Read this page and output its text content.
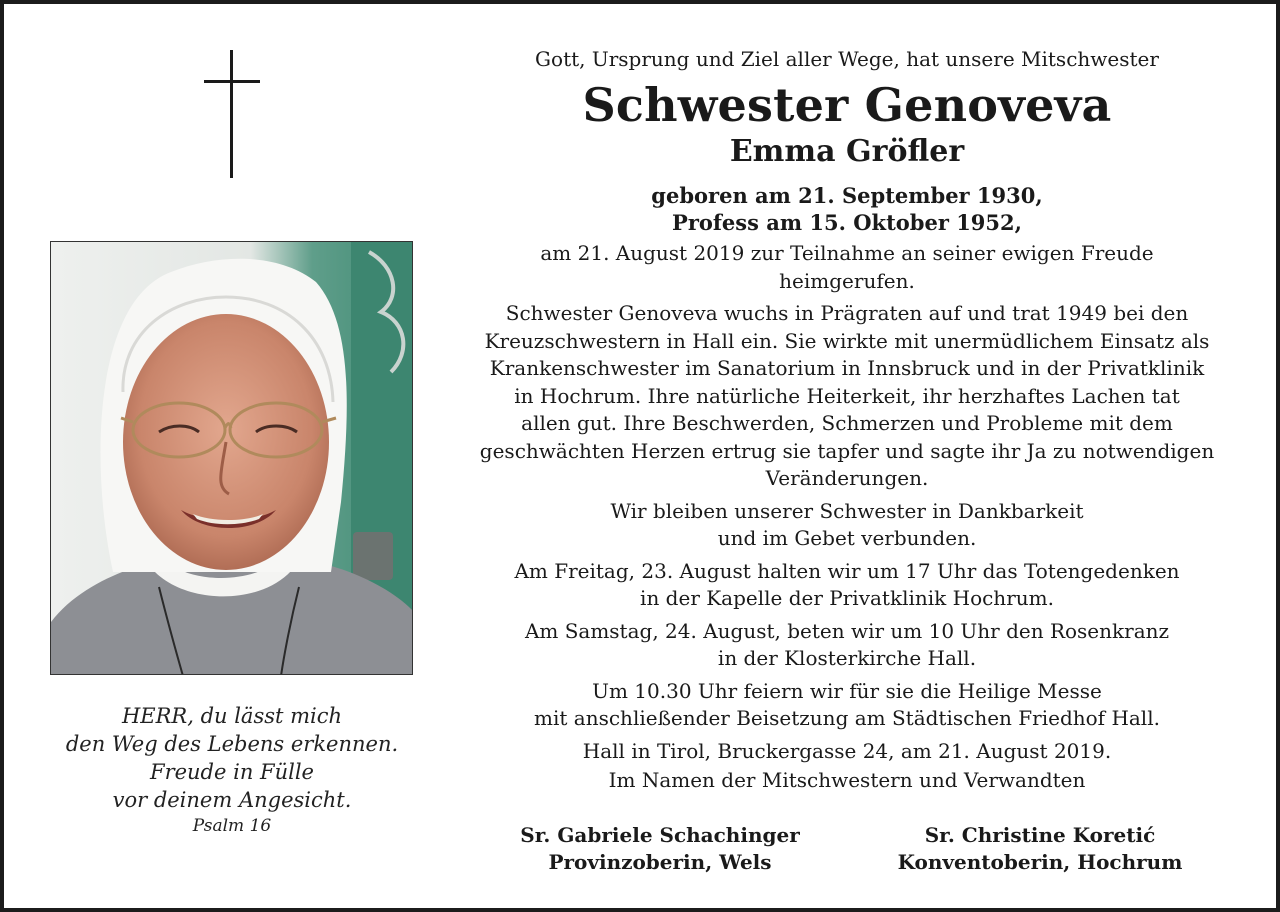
HERR, du lässt mich
den Weg des Lebens erkennen.
Freude in Fülle
vor deinem Angesicht.
Psalm 16

Gott, Ursprung und Ziel aller Wege, hat unsere Mitschwester

Schwester Genoveva

Emma Gröfler

geboren am 21. September 1930,
Profess am 15. Oktober 1952,

am 21. August 2019 zur Teilnahme an seiner ewigen Freude
heimgerufen.

Schwester Genoveva wuchs in Prägraten auf und trat 1949 bei den
Kreuzschwestern in Hall ein. Sie wirkte mit unermüdlichem Einsatz als
Krankenschwester im Sanatorium in Innsbruck und in der Privatklinik
in Hochrum. Ihre natürliche Heiterkeit, ihr herzhaftes Lachen tat
allen gut. Ihre Beschwerden, Schmerzen und Probleme mit dem
geschwächten Herzen ertrug sie tapfer und sagte ihr Ja zu notwendigen
Veränderungen.

Wir bleiben unserer Schwester in Dankbarkeit
und im Gebet verbunden.

Am Freitag, 23. August halten wir um 17 Uhr das Totengedenken
in der Kapelle der Privatklinik Hochrum.

Am Samstag, 24. August, beten wir um 10 Uhr den Rosenkranz
in der Klosterkirche Hall.

Um 10.30 Uhr feiern wir für sie die Heilige Messe
mit anschließender Beisetzung am Städtischen Friedhof Hall.

Hall in Tirol, Bruckergasse 24, am 21. August 2019.

Im Namen der Mitschwestern und Verwandten

Sr. Gabriele Schachinger
Provinzoberin, Wels
Sr. Christine Koretić
Konventoberin, Hochrum
